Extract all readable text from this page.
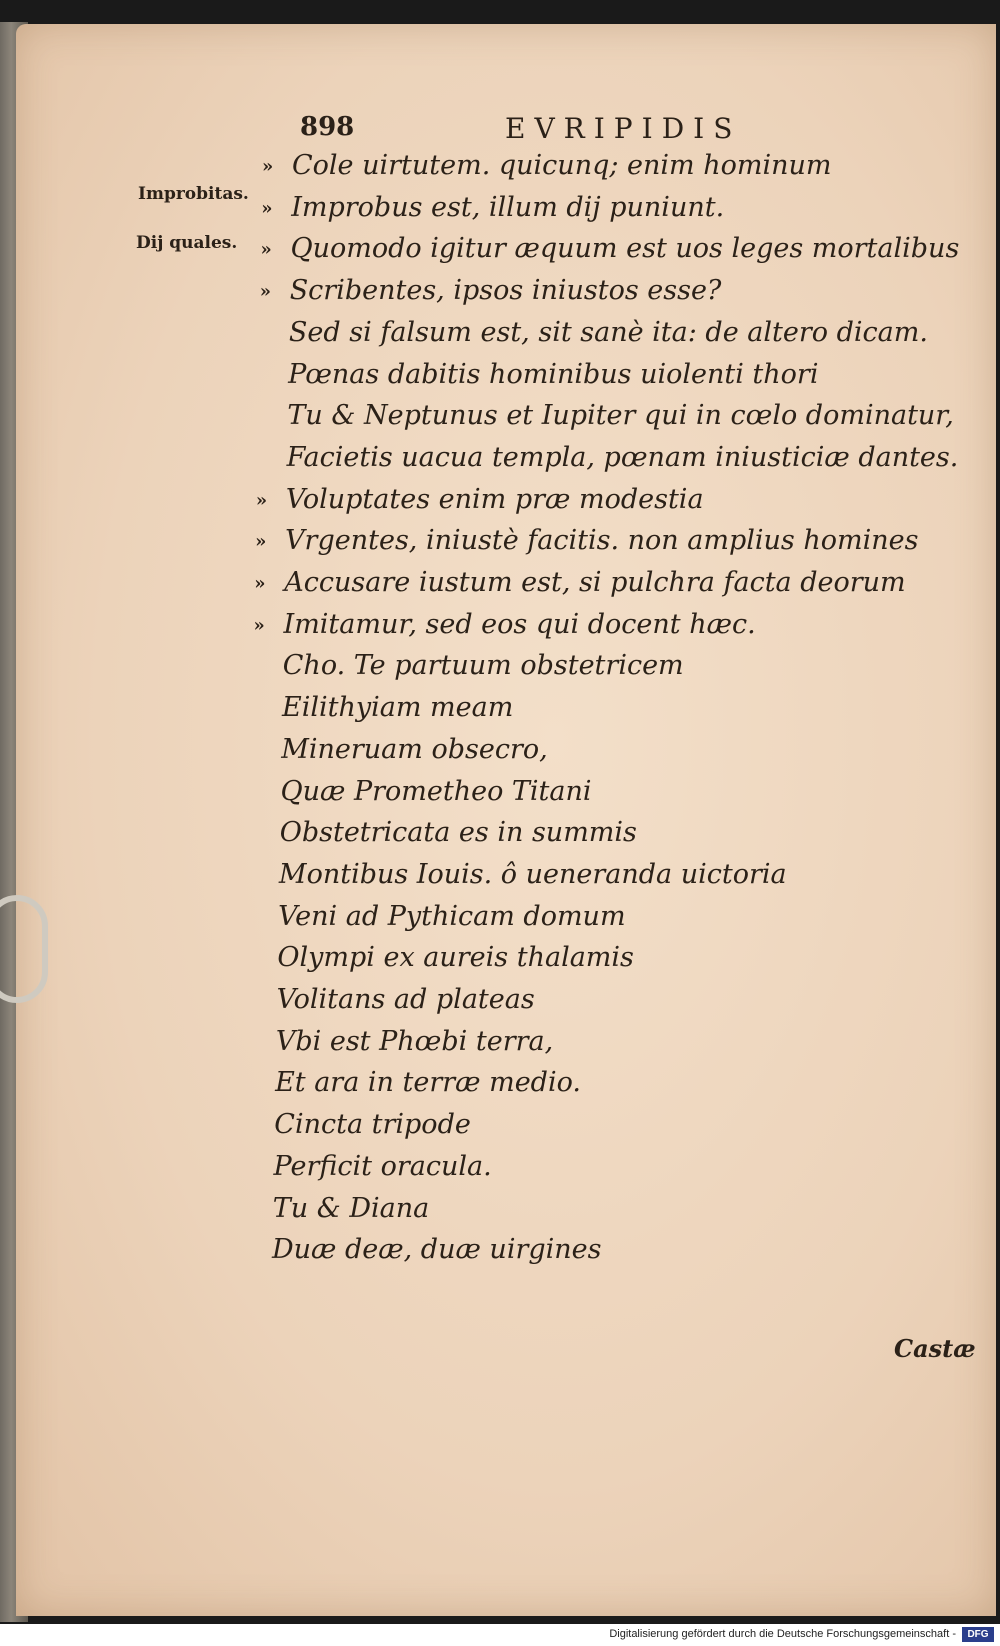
898	EVRIPIDIS
Improbitas.
Dij quales.
» Cole uirtutem. quicunq; enim hominum
» Improbus est, illum dij puniunt.
» Quomodo igitur æquum est uos leges mortalibus
» Scribentes, ipsos iniustos esse?
Sed si falsum est, sit sanè ita: de altero dicam.
Pœnas dabitis hominibus uiolenti thori
Tu & Neptunus et Iupiter qui in cœlo dominatur,
Facietis uacua templa, pœnam iniusticiæ dantes.
» Voluptates enim præ modestia
» Vrgentes, iniustè facitis. non amplius homines
» Accusare iustum est, si pulchra facta deorum
» Imitamur, sed eos qui docent hæc.
Cho. Te partuum obstetricem
Eilithyiam meam
Mineruam obsecro,
Quæ Prometheo Titani
Obstetricata es in summis
Montibus Iouis. ô ueneranda uictoria
Veni ad Pythicam domum
Olympi ex aureis thalamis
Volitans ad plateas
Vbi est Phœbi terra,
Et ara in terræ medio.
Cincta tripode
Perficit oracula.
Tu & Diana
Duæ deæ, duæ uirgines
Castæ
Digitalisierung gefördert durch die Deutsche Forschungsgemeinschaft -	DFG
